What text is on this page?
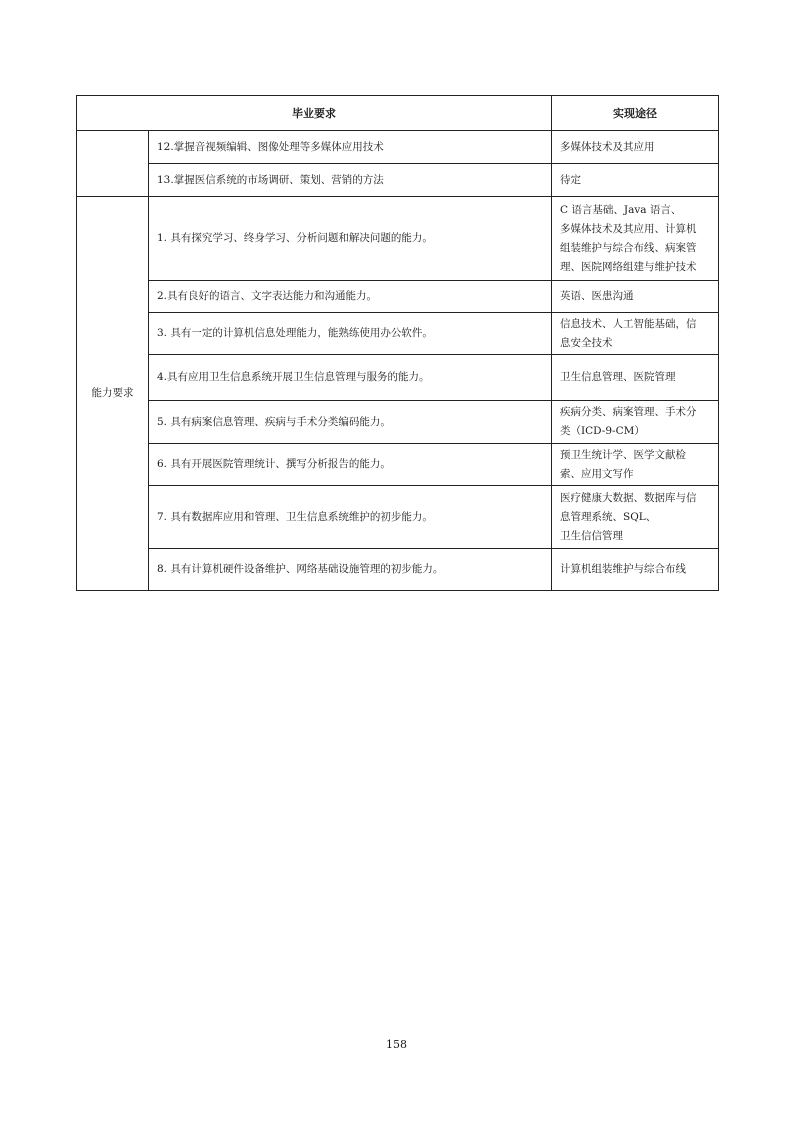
毕业要求		实现途径
	12.掌握音视频编辑、图像处理等多媒体应用技术	多媒体技术及其应用

	13.掌握医信系统的市场调研、策划、营销的方法	待定

能力要求	1. 具有探究学习、终身学习、分析问题和解决问题的能力。	C 语言基础、Java 语言、
多媒体技术及其应用、计算机
组装维护与综合布线、病案管
理、医院网络组建与维护技术

	2.具有良好的语言、文字表达能力和沟通能力。	英语、医患沟通

	3. 具有一定的计算机信息处理能力，能熟练使用办公软件。	信息技术、人工智能基础，信
息安全技术

	4.具有应用卫生信息系统开展卫生信息管理与服务的能力。	卫生信息管理、医院管理

	5. 具有病案信息管理、疾病与手术分类编码能力。	疾病分类、病案管理、手术分
类（ICD-9-CM）

	6. 具有开展医院管理统计、撰写分析报告的能力。	预卫生统计学、医学文献检
索、应用文写作

	7. 具有数据库应用和管理、卫生信息系统维护的初步能力。	医疗健康大数据、数据库与信
息管理系统、SQL、
卫生信信管理

	8. 具有计算机硬件设备维护、网络基础设施管理的初步能力。	计算机组装维护与综合布线
158
